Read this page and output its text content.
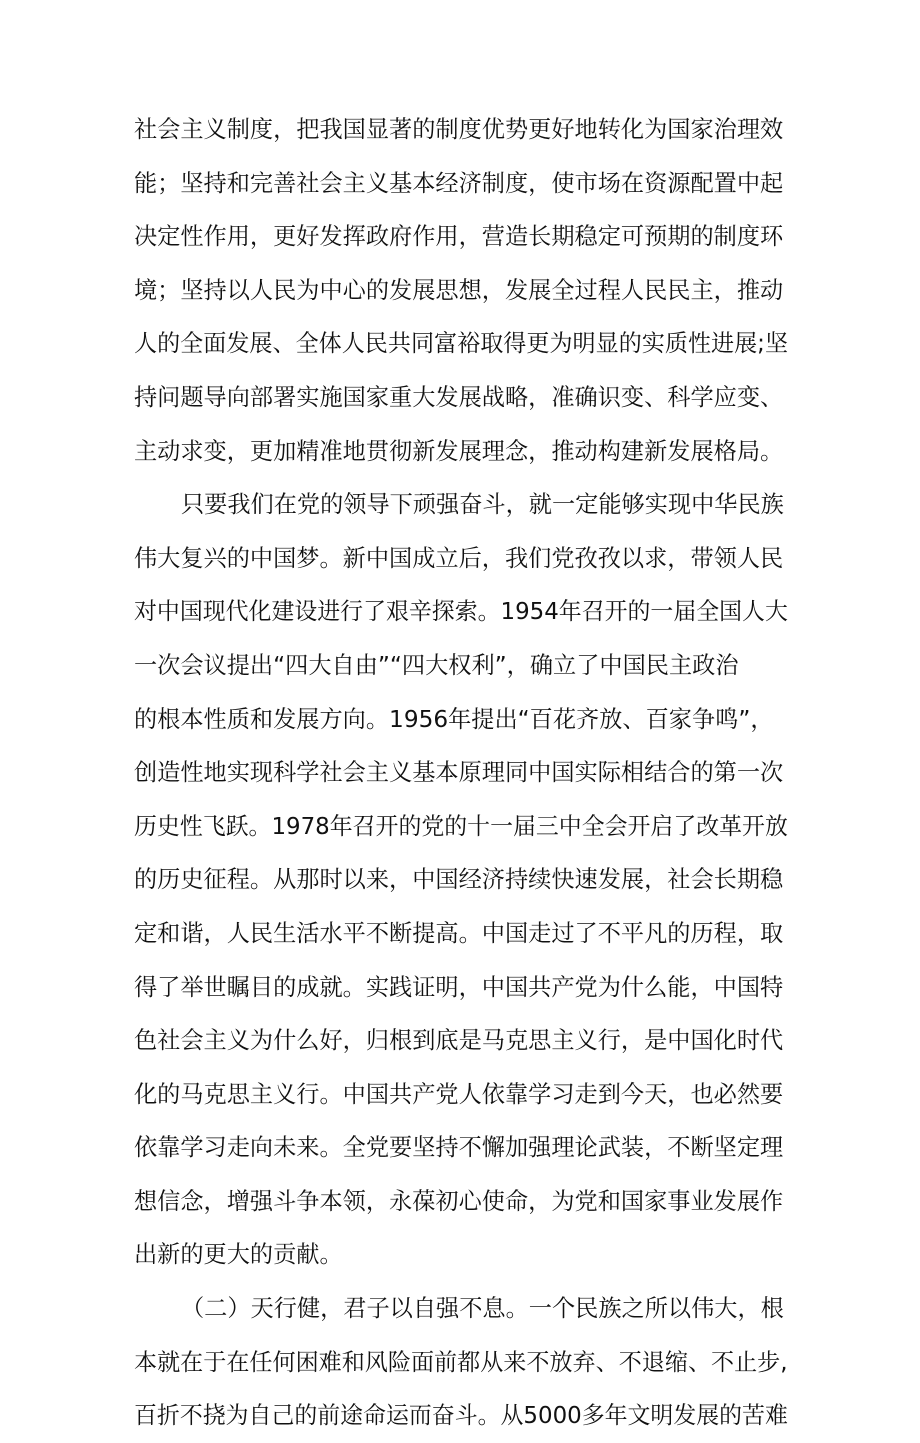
社会主义制度，把我国显著的制度优势更好地转化为国家治理效
能；坚持和完善社会主义基本经济制度，使市场在资源配置中起
决定性作用，更好发挥政府作用，营造长期稳定可预期的制度环
境；坚持以人民为中心的发展思想，发展全过程人民民主，推动
人的全面发展、全体人民共同富裕取得更为明显的实质性进展;坚
持问题导向部署实施国家重大发展战略，准确识变、科学应变、
主动求变，更加精准地贯彻新发展理念，推动构建新发展格局。
只要我们在党的领导下顽强奋斗，就一定能够实现中华民族
伟大复兴的中国梦。新中国成立后，我们党孜孜以求，带领人民
对中国现代化建设进行了艰辛探索。1954年召开的一届全国人大
一次会议提出“四大自由”“四大权利”，确立了中国民主政治
的根本性质和发展方向。1956年提出“百花齐放、百家争鸣”，
创造性地实现科学社会主义基本原理同中国实际相结合的第一次
历史性飞跃。1978年召开的党的十一届三中全会开启了改革开放
的历史征程。从那时以来，中国经济持续快速发展，社会长期稳
定和谐，人民生活水平不断提高。中国走过了不平凡的历程，取
得了举世瞩目的成就。实践证明，中国共产党为什么能，中国特
色社会主义为什么好，归根到底是马克思主义行，是中国化时代
化的马克思主义行。中国共产党人依靠学习走到今天，也必然要
依靠学习走向未来。全党要坚持不懈加强理论武装，不断坚定理
想信念，增强斗争本领，永葆初心使命，为党和国家事业发展作
出新的更大的贡献。
（二）天行健，君子以自强不息。一个民族之所以伟大，根
本就在于在任何困难和风险面前都从来不放弃、不退缩、不止步,
百折不挠为自己的前途命运而奋斗。从5000多年文明发展的苦难
